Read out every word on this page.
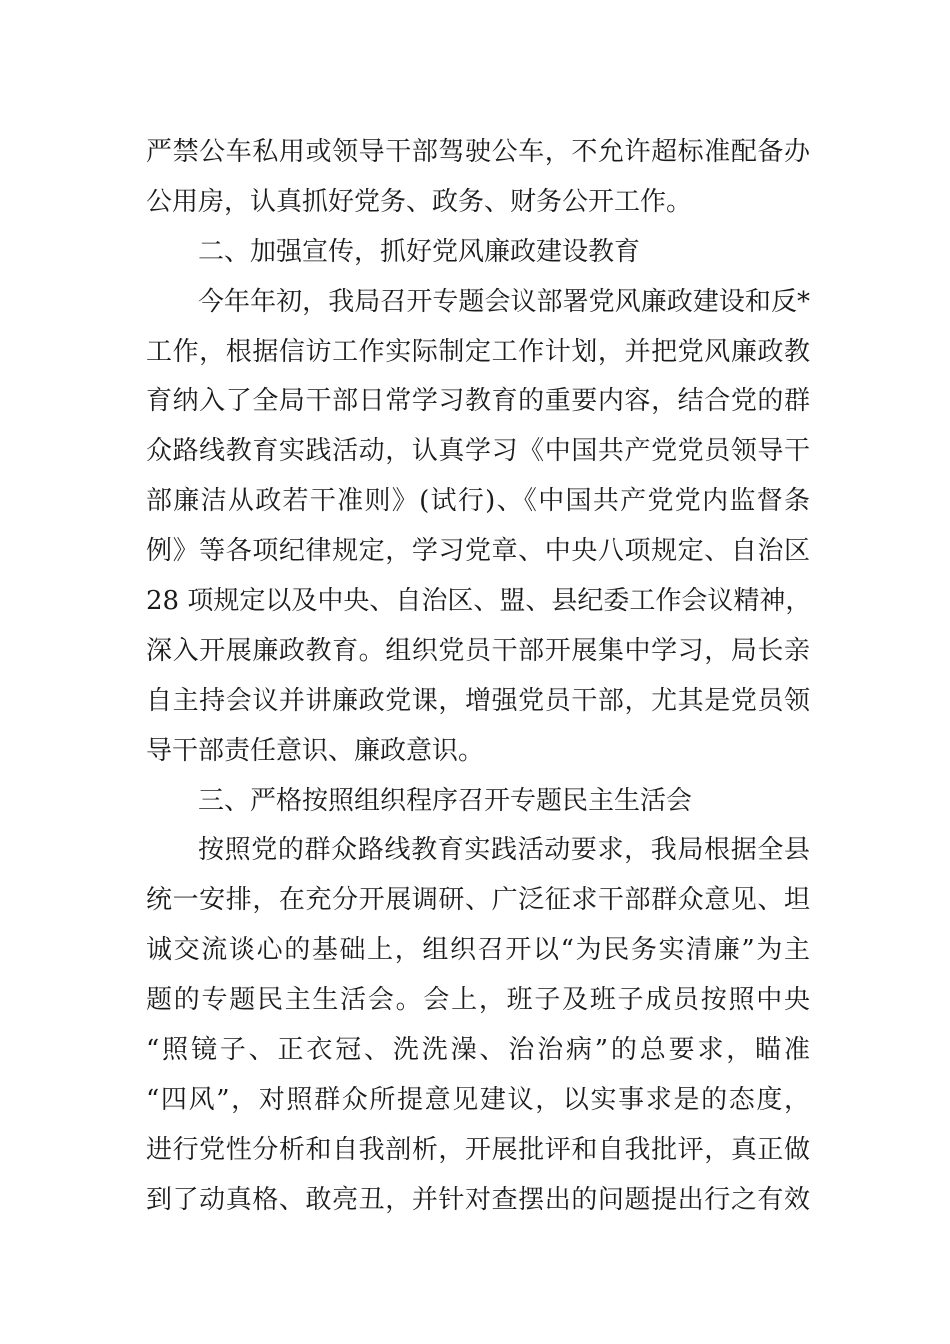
严禁公车私用或领导干部驾驶公车，不允许超标准配备办
公用房，认真抓好党务、政务、财务公开工作。
二、加强宣传，抓好党风廉政建设教育
今年年初，我局召开专题会议部署党风廉政建设和反*
工作，根据信访工作实际制定工作计划，并把党风廉政教
育纳入了全局干部日常学习教育的重要内容，结合党的群
众路线教育实践活动，认真学习《中国共产党党员领导干
部廉洁从政若干准则》(试行)、《中国共产党党内监督条
例》等各项纪律规定，学习党章、中央八项规定、自治区
28 项规定以及中央、自治区、盟、县纪委工作会议精神，
深入开展廉政教育。组织党员干部开展集中学习，局长亲
自主持会议并讲廉政党课，增强党员干部，尤其是党员领
导干部责任意识、廉政意识。
三、严格按照组织程序召开专题民主生活会
按照党的群众路线教育实践活动要求，我局根据全县
统一安排，在充分开展调研、广泛征求干部群众意见、坦
诚交流谈心的基础上，组织召开以“为民务实清廉”为主
题的专题民主生活会。会上，班子及班子成员按照中央
“照镜子、正衣冠、洗洗澡、治治病”的总要求，瞄准
“四风”，对照群众所提意见建议，以实事求是的态度，
进行党性分析和自我剖析，开展批评和自我批评，真正做
到了动真格、敢亮丑，并针对查摆出的问题提出行之有效
